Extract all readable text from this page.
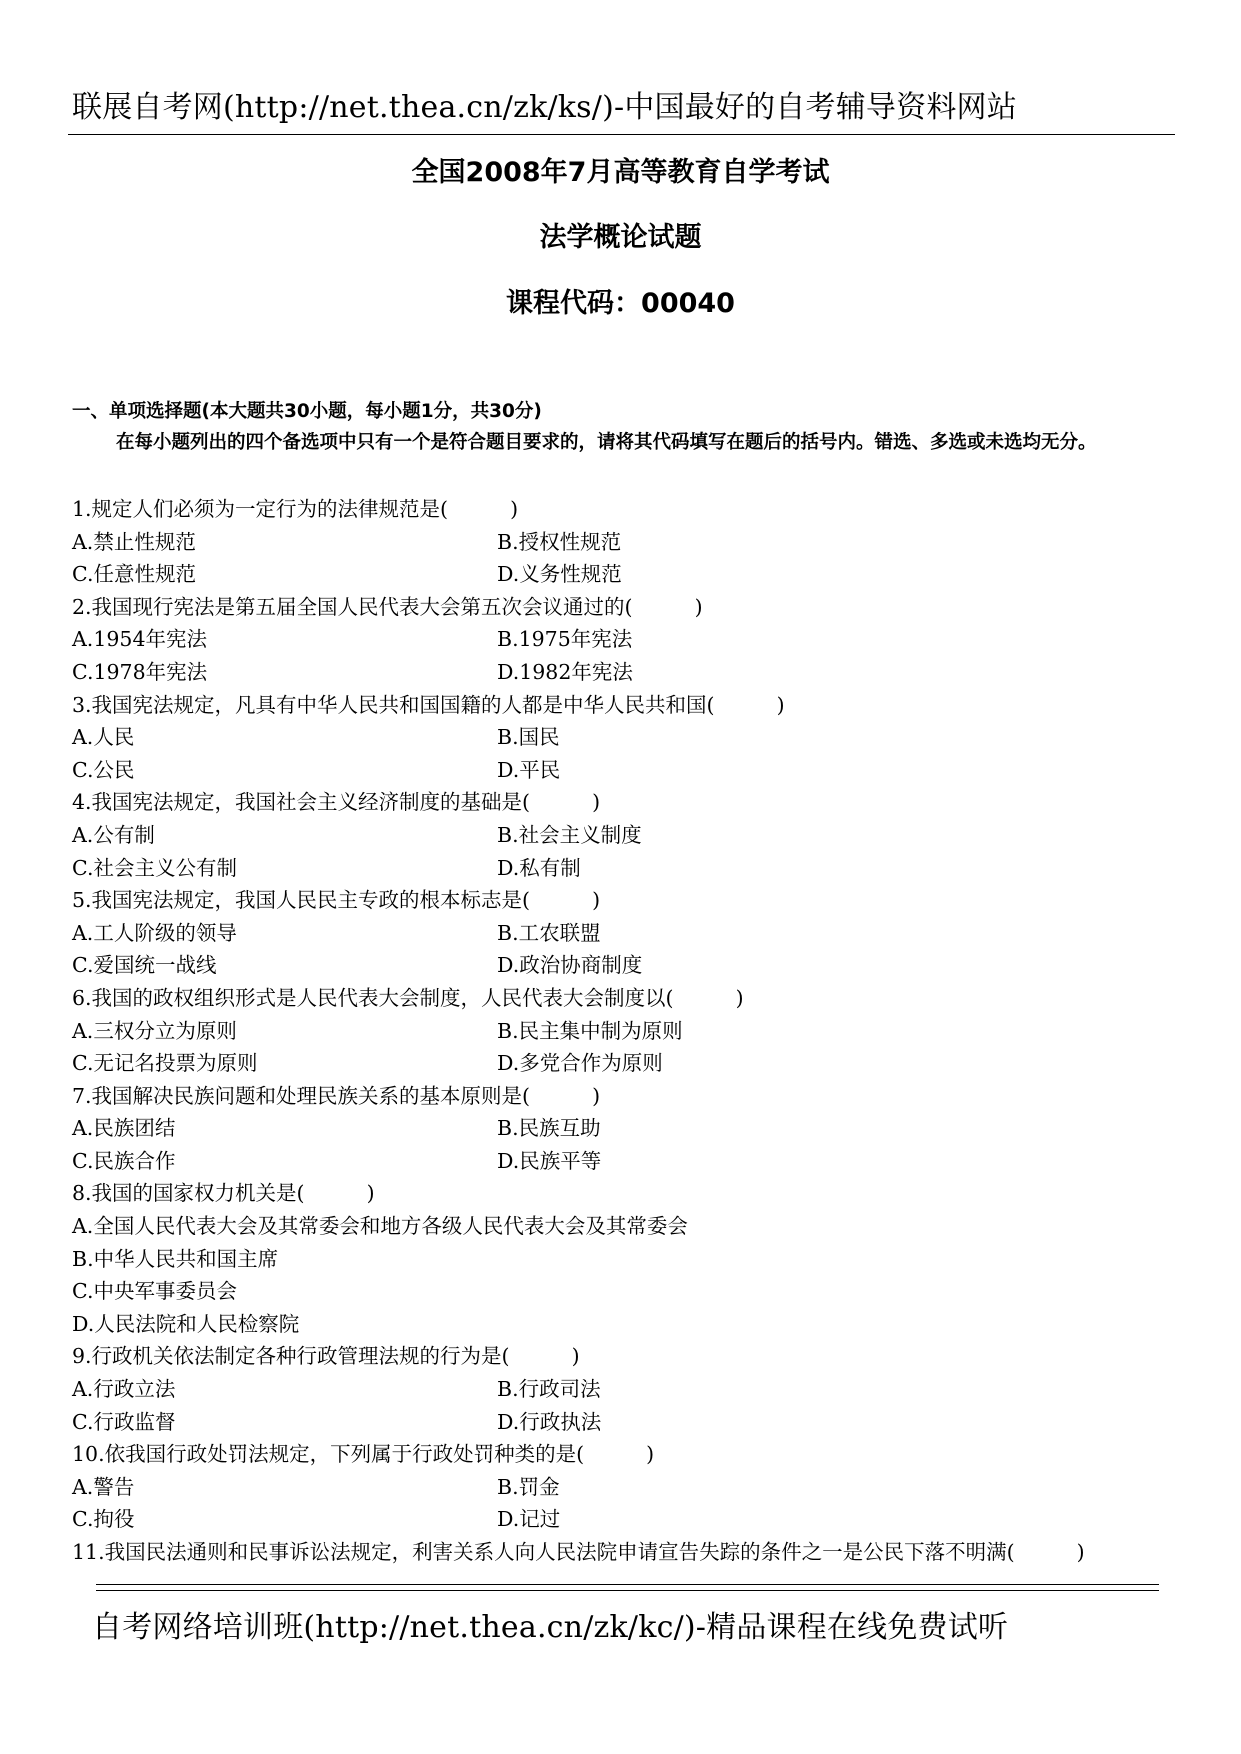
联展自考网(http://net.thea.cn/zk/ks/)-中国最好的自考辅导资料网站
全国2008年7月高等教育自学考试
法学概论试题
课程代码：00040
一、单项选择题(本大题共30小题，每小题1分，共30分)
在每小题列出的四个备选项中只有一个是符合题目要求的，请将其代码填写在题后的括号内。错选、多选或未选均无分。
1.规定人们必须为一定行为的法律规范是(	)
A.禁止性规范	B.授权性规范
C.任意性规范	D.义务性规范
2.我国现行宪法是第五届全国人民代表大会第五次会议通过的(	)
A.1954年宪法	B.1975年宪法
C.1978年宪法	D.1982年宪法
3.我国宪法规定，凡具有中华人民共和国国籍的人都是中华人民共和国(	)
A.人民	B.国民
C.公民	D.平民
4.我国宪法规定，我国社会主义经济制度的基础是(	)
A.公有制	B.社会主义制度
C.社会主义公有制	D.私有制
5.我国宪法规定，我国人民民主专政的根本标志是(	)
A.工人阶级的领导	B.工农联盟
C.爱国统一战线	D.政治协商制度
6.我国的政权组织形式是人民代表大会制度，人民代表大会制度以(	)
A.三权分立为原则	B.民主集中制为原则
C.无记名投票为原则	D.多党合作为原则
7.我国解决民族问题和处理民族关系的基本原则是(	)
A.民族团结	B.民族互助
C.民族合作	D.民族平等
8.我国的国家权力机关是(	)
A.全国人民代表大会及其常委会和地方各级人民代表大会及其常委会
B.中华人民共和国主席
C.中央军事委员会
D.人民法院和人民检察院
9.行政机关依法制定各种行政管理法规的行为是(	)
A.行政立法	B.行政司法
C.行政监督	D.行政执法
10.依我国行政处罚法规定，下列属于行政处罚种类的是(	)
A.警告	B.罚金
C.拘役	D.记过
11.我国民法通则和民事诉讼法规定，利害关系人向人民法院申请宣告失踪的条件之一是公民下落不明满(	)
自考网络培训班(http://net.thea.cn/zk/kc/)-精品课程在线免费试听
